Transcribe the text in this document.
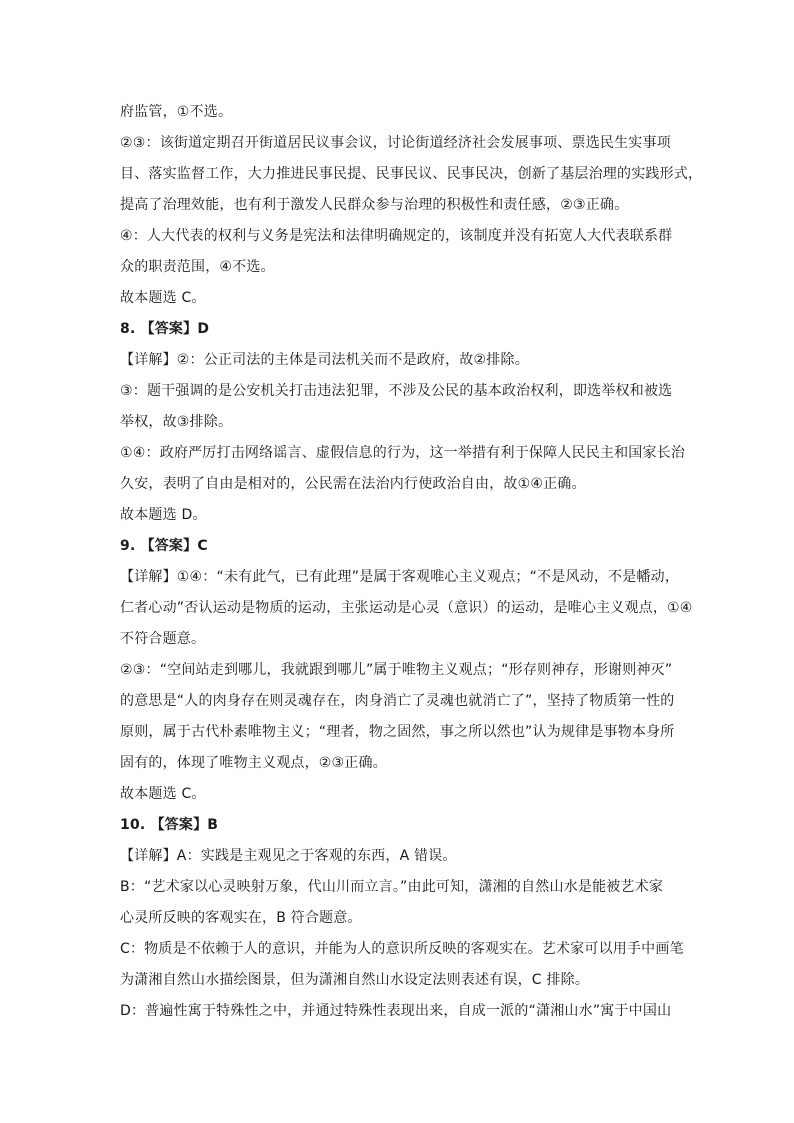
府监管，①不选。
②③：该街道定期召开街道居民议事会议，讨论街道经济社会发展事项、票选民生实事项
目、落实监督工作，大力推进民事民提、民事民议、民事民决，创新了基层治理的实践形式，
提高了治理效能，也有利于激发人民群众参与治理的积极性和责任感，②③正确。
④：人大代表的权利与义务是宪法和法律明确规定的，该制度并没有拓宽人大代表联系群
众的职责范围，④不选。
故本题选 C。
8. 【答案】D
【详解】②：公正司法的主体是司法机关而不是政府，故②排除。
③：题干强调的是公安机关打击违法犯罪，不涉及公民的基本政治权利，即选举权和被选
举权，故③排除。
①④：政府严厉打击网络谣言、虚假信息的行为，这一举措有利于保障人民民主和国家长治
久安，表明了自由是相对的，公民需在法治内行使政治自由，故①④正确。
故本题选 D。
9. 【答案】C
【详解】①④：“未有此气，已有此理”是属于客观唯心主义观点；“不是风动，不是幡动，
仁者心动”否认运动是物质的运动，主张运动是心灵（意识）的运动，是唯心主义观点，①④
不符合题意。
②③：“空间站走到哪儿，我就跟到哪儿”属于唯物主义观点；“形存则神存，形谢则神灭”
的意思是“人的肉身存在则灵魂存在，肉身消亡了灵魂也就消亡了”，坚持了物质第一性的
原则，属于古代朴素唯物主义；“理者，物之固然，事之所以然也”认为规律是事物本身所
固有的，体现了唯物主义观点，②③正确。
故本题选 C。
10. 【答案】B
【详解】A：实践是主观见之于客观的东西，A 错误。
B：“艺术家以心灵映射万象，代山川而立言。”由此可知，潇湘的自然山水是能被艺术家
心灵所反映的客观实在，B 符合题意。
C：物质是不依赖于人的意识，并能为人的意识所反映的客观实在。艺术家可以用手中画笔
为潇湘自然山水描绘图景，但为潇湘自然山水设定法则表述有误，C 排除。
D：普遍性寓于特殊性之中，并通过特殊性表现出来，自成一派的“潇湘山水”寓于中国山
